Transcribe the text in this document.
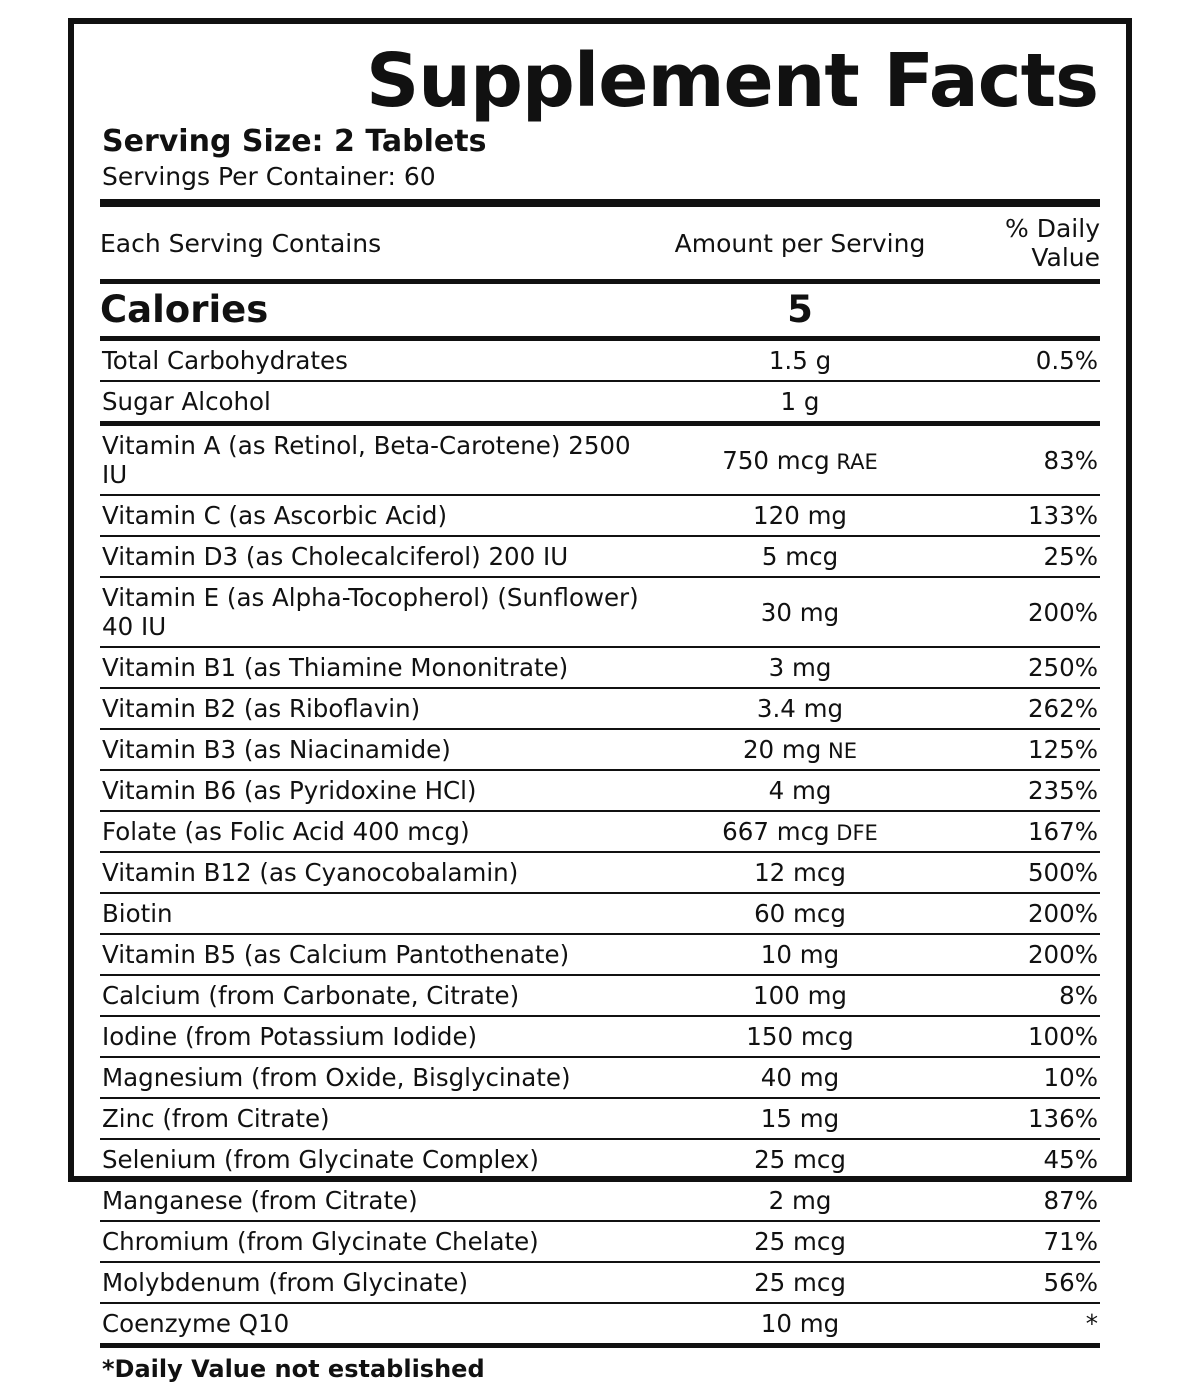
Supplement Facts
Serving Size: 2 Tablets
Servings Per Container: 60
Each Serving Contains	Amount per Serving	% Daily Value
Calories	5	
Total Carbohydrates	1.5 g	0.5%
Sugar Alcohol	1 g	
Vitamin A (as Retinol, Beta-Carotene) 2500 IU	750 mcg RAE	83%
Vitamin C (as Ascorbic Acid)	120 mg	133%
Vitamin D3 (as Cholecalciferol) 200 IU	5 mcg	25%
Vitamin E (as Alpha-Tocopherol) (Sunflower) 40 IU	30 mg	200%
Vitamin B1 (as Thiamine Mononitrate)	3 mg	250%
Vitamin B2 (as Riboflavin)	3.4 mg	262%
Vitamin B3 (as Niacinamide)	20 mg NE	125%
Vitamin B6 (as Pyridoxine HCl)	4 mg	235%
Folate (as Folic Acid 400 mcg)	667 mcg DFE	167%
Vitamin B12 (as Cyanocobalamin)	12 mcg	500%
Biotin	60 mcg	200%
Vitamin B5 (as Calcium Pantothenate)	10 mg	200%
Calcium (from Carbonate, Citrate)	100 mg	8%
Iodine (from Potassium Iodide)	150 mcg	100%
Magnesium (from Oxide, Bisglycinate)	40 mg	10%
Zinc (from Citrate)	15 mg	136%
Selenium (from Glycinate Complex)	25 mcg	45%
Manganese (from Citrate)	2 mg	87%
Chromium (from Glycinate Chelate)	25 mcg	71%
Molybdenum (from Glycinate)	25 mcg	56%
Coenzyme Q10	10 mg	*
*Daily Value not established
